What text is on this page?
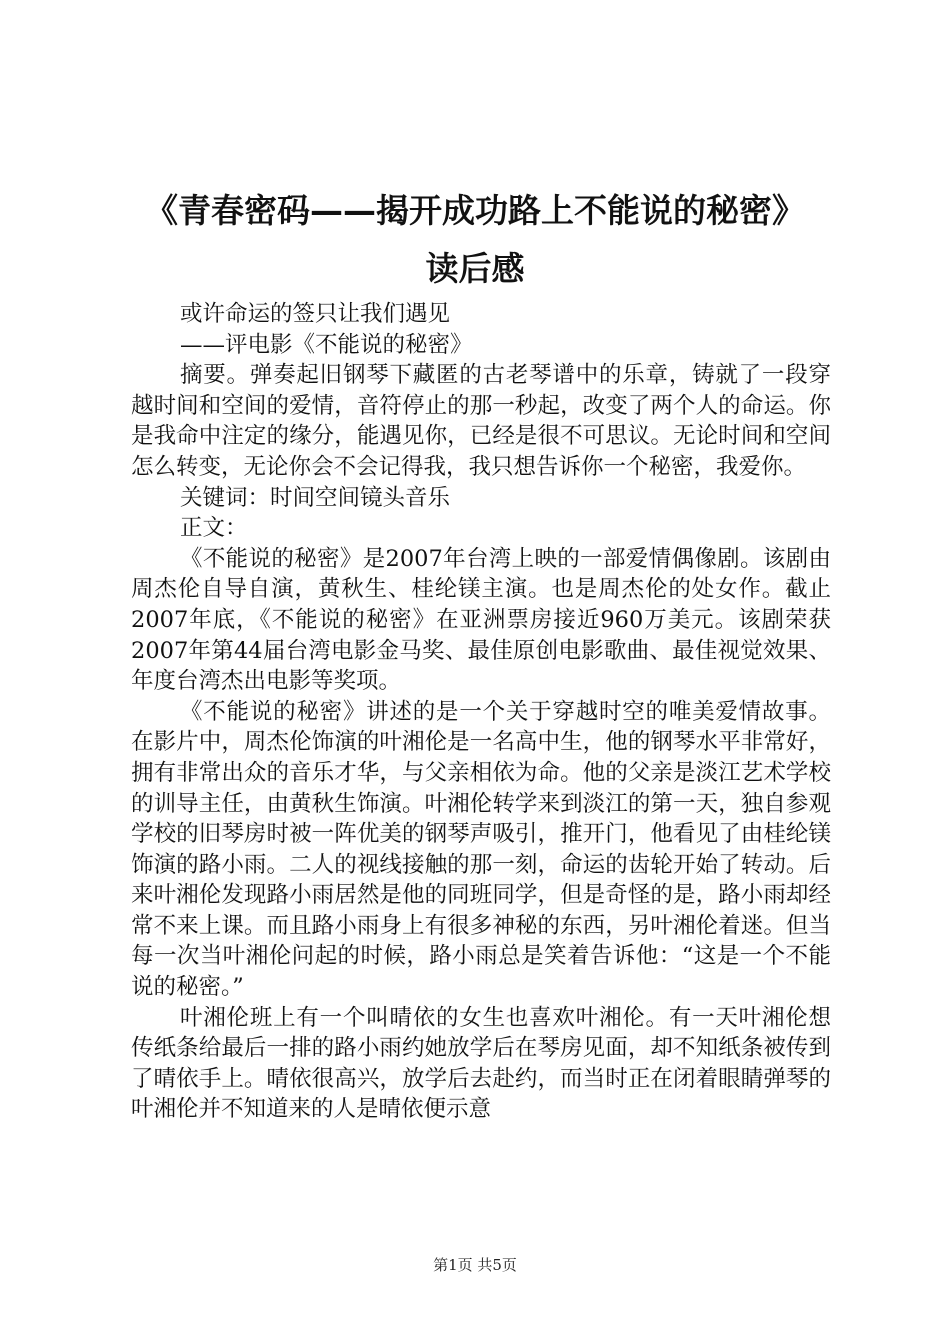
《青春密码——揭开成功路上不能说的秘密》
读后感

或许命运的签只让我们遇见

——评电影《不能说的秘密》

摘要。弹奏起旧钢琴下藏匿的古老琴谱中的乐章，铸就了一段穿越时间和空间的爱情，音符停止的那一秒起，改变了两个人的命运。你是我命中注定的缘分，能遇见你，已经是很不可思议。无论时间和空间怎么转变，无论你会不会记得我，我只想告诉你一个秘密，我爱你。

关键词：时间空间镜头音乐

正文：

《不能说的秘密》是2007年台湾上映的一部爱情偶像剧。该剧由周杰伦自导自演，黄秋生、桂纶镁主演。也是周杰伦的处女作。截止2007年底，《不能说的秘密》在亚洲票房接近960万美元。该剧荣获2007年第44届台湾电影金马奖、最佳原创电影歌曲、最佳视觉效果、年度台湾杰出电影等奖项。

《不能说的秘密》讲述的是一个关于穿越时空的唯美爱情故事。在影片中，周杰伦饰演的叶湘伦是一名高中生，他的钢琴水平非常好，拥有非常出众的音乐才华，与父亲相依为命。他的父亲是淡江艺术学校的训导主任，由黄秋生饰演。叶湘伦转学来到淡江的第一天，独自参观学校的旧琴房时被一阵优美的钢琴声吸引，推开门，他看见了由桂纶镁饰演的路小雨。二人的视线接触的那一刻，命运的齿轮开始了转动。后来叶湘伦发现路小雨居然是他的同班同学，但是奇怪的是，路小雨却经常不来上课。而且路小雨身上有很多神秘的东西，另叶湘伦着迷。但当每一次当叶湘伦问起的时候，路小雨总是笑着告诉他：“这是一个不能说的秘密。”

叶湘伦班上有一个叫晴依的女生也喜欢叶湘伦。有一天叶湘伦想传纸条给最后一排的路小雨约她放学后在琴房见面，却不知纸条被传到了晴依手上。晴依很高兴，放学后去赴约，而当时正在闭着眼睛弹琴的叶湘伦并不知道来的人是晴依便示意

第1页 共5页
